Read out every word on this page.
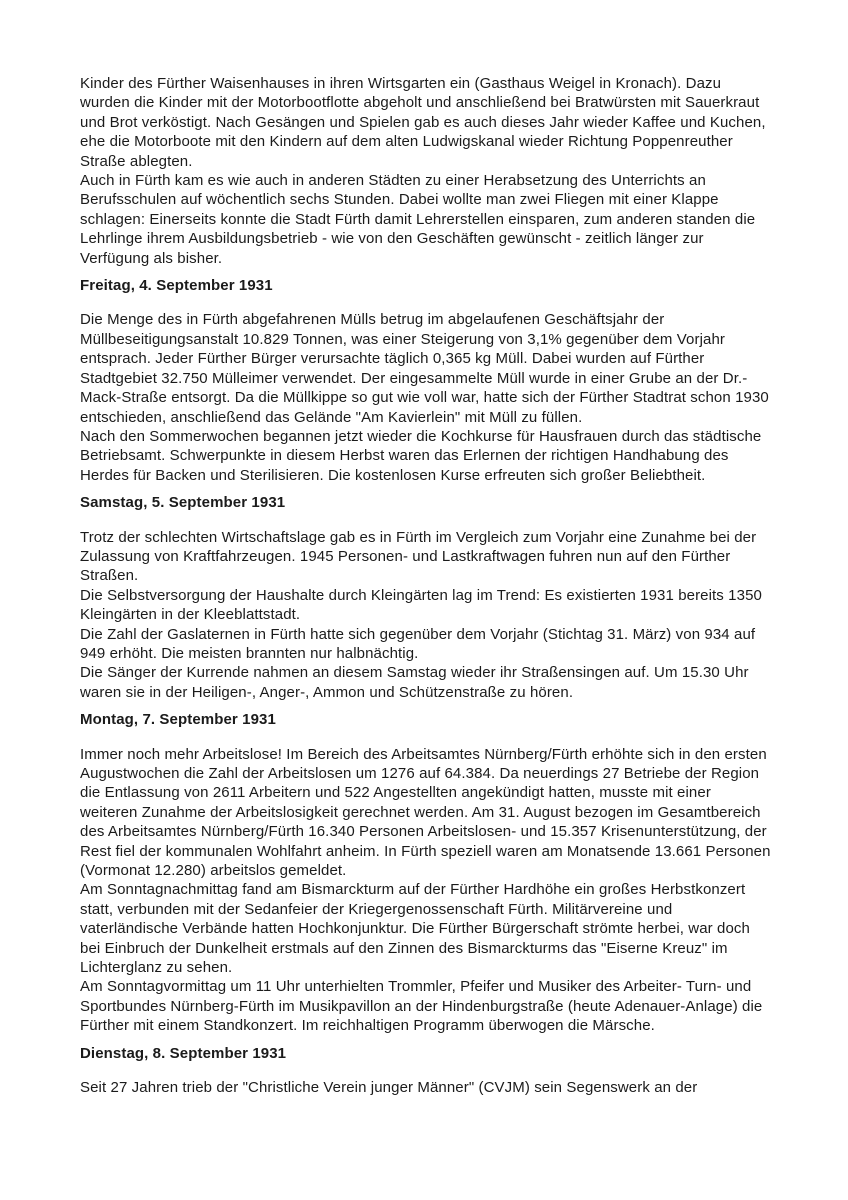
Kinder des Fürther Waisenhauses in ihren Wirtsgarten ein (Gasthaus Weigel in Kronach). Dazu wurden die Kinder mit der Motorbootflotte abgeholt und anschließend bei Bratwürsten mit Sauerkraut und Brot verköstigt. Nach Gesängen und Spielen gab es auch dieses Jahr wieder Kaffee und Kuchen, ehe die Motorboote mit den Kindern auf dem alten Ludwigskanal wieder Richtung Poppenreuther Straße ablegten.

Auch in Fürth kam es wie auch in anderen Städten zu einer Herabsetzung des Unterrichts an Berufsschulen auf wöchentlich sechs Stunden. Dabei wollte man zwei Fliegen mit einer Klappe schlagen: Einerseits konnte die Stadt Fürth damit Lehrerstellen einsparen, zum anderen standen die Lehrlinge ihrem Ausbildungsbetrieb - wie von den Geschäften gewünscht - zeitlich länger zur Verfügung als bisher.

Freitag, 4. September 1931

Die Menge des in Fürth abgefahrenen Mülls betrug im abgelaufenen Geschäftsjahr der Müllbeseitigungsanstalt 10.829 Tonnen, was einer Steigerung von 3,1% gegenüber dem Vorjahr entsprach. Jeder Fürther Bürger verursachte täglich 0,365 kg Müll. Dabei wurden auf Fürther Stadtgebiet 32.750 Mülleimer verwendet. Der eingesammelte Müll wurde in einer Grube an der Dr.-Mack-Straße entsorgt. Da die Müllkippe so gut wie voll war, hatte sich der Fürther Stadtrat schon 1930 entschieden, anschließend das Gelände "Am Kavierlein" mit Müll zu füllen.

Nach den Sommerwochen begannen jetzt wieder die Kochkurse für Hausfrauen durch das städtische Betriebsamt. Schwerpunkte in diesem Herbst waren das Erlernen der richtigen Handhabung des Herdes für Backen und Sterilisieren. Die kostenlosen Kurse erfreuten sich großer Beliebtheit.

Samstag, 5. September 1931

Trotz der schlechten Wirtschaftslage gab es in Fürth im Vergleich zum Vorjahr eine Zunahme bei der Zulassung von Kraftfahrzeugen. 1945 Personen- und Lastkraftwagen fuhren nun auf den Fürther Straßen.

Die Selbstversorgung der Haushalte durch Kleingärten lag im Trend: Es existierten 1931 bereits 1350 Kleingärten in der Kleeblattstadt.

Die Zahl der Gaslaternen in Fürth hatte sich gegenüber dem Vorjahr (Stichtag 31. März) von 934 auf 949 erhöht. Die meisten brannten nur halbnächtig.

Die Sänger der Kurrende nahmen an diesem Samstag wieder ihr Straßensingen auf. Um 15.30 Uhr waren sie in der Heiligen-, Anger-, Ammon und Schützenstraße zu hören.

Montag, 7. September 1931

Immer noch mehr Arbeitslose! Im Bereich des Arbeitsamtes Nürnberg/Fürth erhöhte sich in den ersten Augustwochen die Zahl der Arbeitslosen um 1276 auf 64.384. Da neuerdings 27 Betriebe der Region die Entlassung von 2611 Arbeitern und 522 Angestellten angekündigt hatten, musste mit einer weiteren Zunahme der Arbeitslosigkeit gerechnet werden. Am 31. August bezogen im Gesamtbereich des Arbeitsamtes Nürnberg/Fürth 16.340 Personen Arbeitslosen- und 15.357 Krisenunterstützung, der Rest fiel der kommunalen Wohlfahrt anheim. In Fürth speziell waren am Monatsende 13.661 Personen (Vormonat 12.280) arbeitslos gemeldet.

Am Sonntagnachmittag fand am Bismarckturm auf der Fürther Hardhöhe ein großes Herbstkonzert statt, verbunden mit der Sedanfeier der Kriegergenossenschaft Fürth. Militärvereine und vaterländische Verbände hatten Hochkonjunktur. Die Fürther Bürgerschaft strömte herbei, war doch bei Einbruch der Dunkelheit erstmals auf den Zinnen des Bismarckturms das "Eiserne Kreuz" im Lichterglanz zu sehen.

Am Sonntagvormittag um 11 Uhr unterhielten Trommler, Pfeifer und Musiker des Arbeiter- Turn- und Sportbundes Nürnberg-Fürth im Musikpavillon an der Hindenburgstraße (heute Adenauer-Anlage) die Fürther mit einem Standkonzert. Im reichhaltigen Programm überwogen die Märsche.

Dienstag, 8. September 1931

Seit 27 Jahren trieb der "Christliche Verein junger Männer" (CVJM) sein Segenswerk an der
